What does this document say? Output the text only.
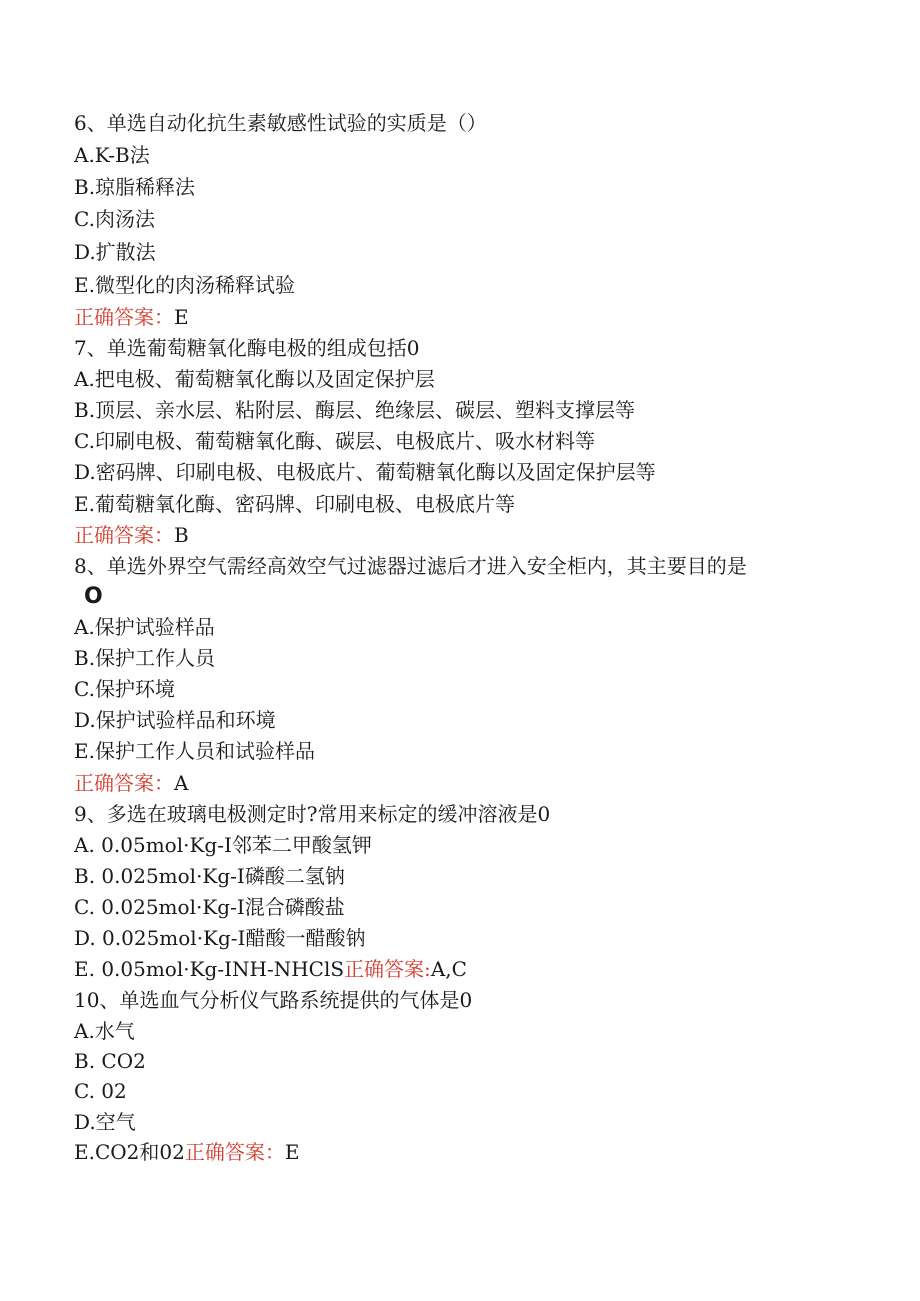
6、单选自动化抗生素敏感性试验的实质是（）
A.K-B法
B.琼脂稀释法
C.肉汤法
D.扩散法
E.微型化的肉汤稀释试验
正确答案：E
7、单选葡萄糖氧化酶电极的组成包括0
A.把电极、葡萄糖氧化酶以及固定保护层
B.顶层、亲水层、粘附层、酶层、绝缘层、碳层、塑料支撑层等
C.印刷电极、葡萄糖氧化酶、碳层、电极底片、吸水材料等
D.密码牌、印刷电极、电极底片、葡萄糖氧化酶以及固定保护层等
E.葡萄糖氧化酶、密码牌、印刷电极、电极底片等
正确答案：B
8、单选外界空气需经高效空气过滤器过滤后才进入安全柜内，其主要目的是
O
A.保护试验样品
B.保护工作人员
C.保护环境
D.保护试验样品和环境
E.保护工作人员和试验样品
正确答案：A
9、多选在玻璃电极测定时?常用来标定的缓冲溶液是0
A. 0.05mol·Kg-I邻苯二甲酸氢钾
B. 0.025mol·Kg-I磷酸二氢钠
C. 0.025mol·Kg-I混合磷酸盐
D. 0.025mol·Kg-I醋酸一醋酸钠
E. 0.05mol·Kg-INH-NHClS正确答案:A,C
10、单选血气分析仪气路系统提供的气体是0
A.水气
B. CO2
C. 02
D.空气
E.CO2和02正确答案：E
